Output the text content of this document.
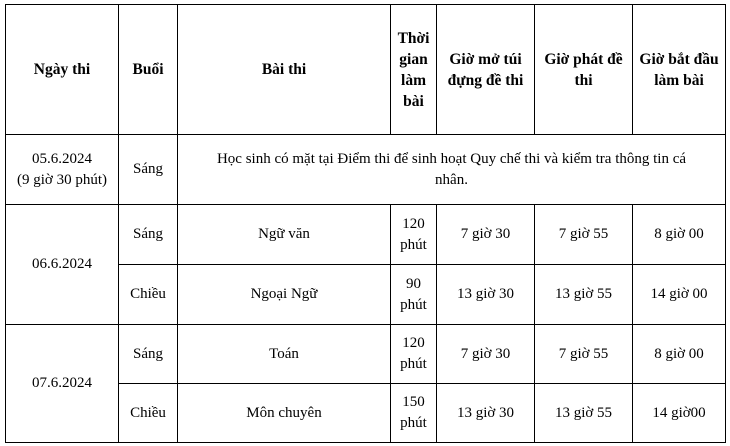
Ngày thi	Buổi	Bài thi	Thời gian làm bài	Giờ mở túi đựng đề thi	Giờ phát đề thi	Giờ bắt đầu làm bài

05.6.2024
(9 giờ 30 phút)	Sáng	Học sinh có mặt tại Điểm thi để sinh hoạt Quy chế thi và kiểm tra thông tin cá nhân.				
06.6.2024	Sáng	Ngữ văn	120 phút	7 giờ 30	7 giờ 55	8 giờ 00
	Chiều	Ngoại Ngữ	90 phút	13 giờ 30	13 giờ 55	14 giờ 00
07.6.2024	Sáng	Toán	120 phút	7 giờ 30	7 giờ 55	8 giờ 00
	Chiều	Môn chuyên	150 phút	13 giờ 30	13 giờ 55	14 giờ00
